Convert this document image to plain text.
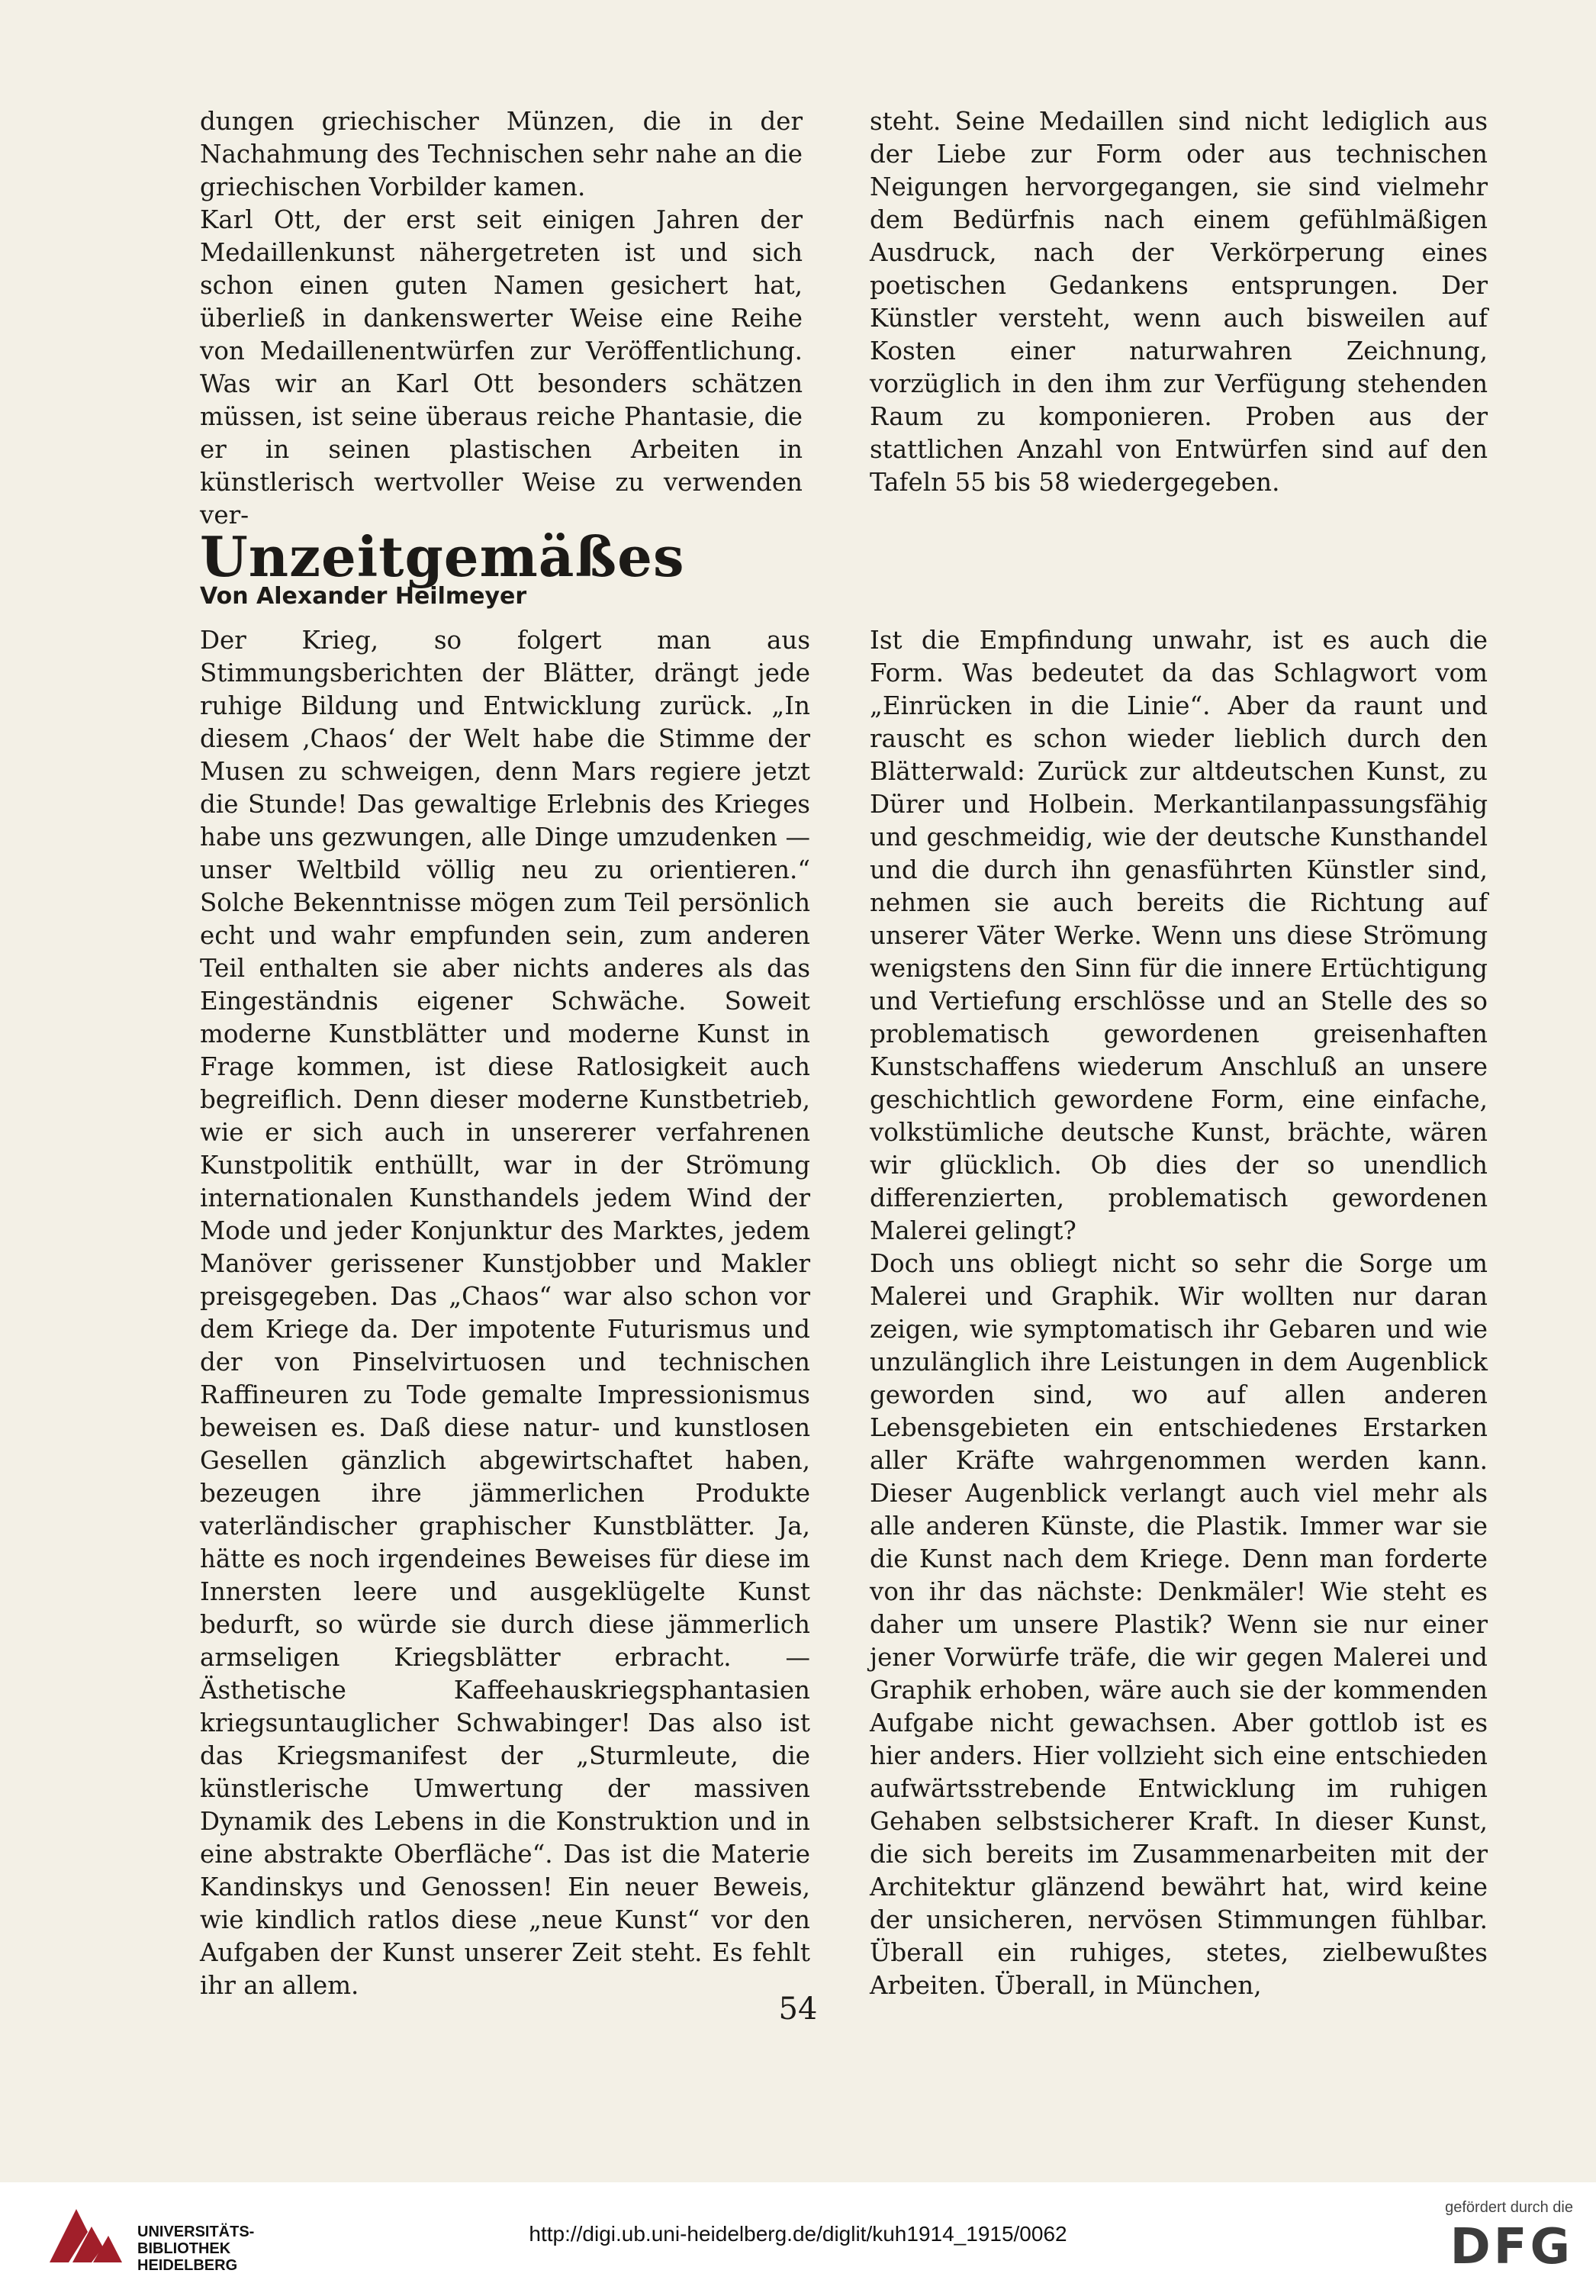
dungen griechischer Münzen, die in der Nachahmung des Technischen sehr nahe an die griechischen Vorbilder kamen.

Karl Ott, der erst seit einigen Jahren der Medaillenkunst nähergetreten ist und sich schon einen guten Namen gesichert hat, überließ in dankenswerter Weise eine Reihe von Medaillenentwürfen zur Veröffentlichung. Was wir an Karl Ott besonders schätzen müssen, ist seine überaus reiche Phantasie, die er in seinen plastischen Arbeiten in künstlerisch wertvoller Weise zu verwenden ver-

steht. Seine Medaillen sind nicht lediglich aus der Liebe zur Form oder aus technischen Neigungen hervorgegangen, sie sind vielmehr dem Bedürfnis nach einem gefühlmäßigen Ausdruck, nach der Verkörperung eines poetischen Gedankens entsprungen. Der Künstler versteht, wenn auch bisweilen auf Kosten einer naturwahren Zeichnung, vorzüglich in den ihm zur Verfügung stehenden Raum zu komponieren. Proben aus der stattlichen Anzahl von Entwürfen sind auf den Tafeln 55 bis 58 wiedergegeben.

Unzeitgemäßes
Von Alexander Heilmeyer

Der Krieg, so folgert man aus Stimmungsberichten der Blätter, drängt jede ruhige Bildung und Entwicklung zurück. „In diesem ‚Chaos‘ der Welt habe die Stimme der Musen zu schweigen, denn Mars regiere jetzt die Stunde! Das gewaltige Erlebnis des Krieges habe uns gezwungen, alle Dinge umzudenken — unser Weltbild völlig neu zu orientieren.“ Solche Bekenntnisse mögen zum Teil persönlich echt und wahr empfunden sein, zum anderen Teil enthalten sie aber nichts anderes als das Eingeständnis eigener Schwäche. Soweit moderne Kunstblätter und moderne Kunst in Frage kommen, ist diese Ratlosigkeit auch begreiflich. Denn dieser moderne Kunstbetrieb, wie er sich auch in unsererer verfahrenen Kunstpolitik enthüllt, war in der Strömung internationalen Kunsthandels jedem Wind der Mode und jeder Konjunktur des Marktes, jedem Manöver gerissener Kunstjobber und Makler preisgegeben. Das „Chaos“ war also schon vor dem Kriege da. Der impotente Futurismus und der von Pinselvirtuosen und technischen Raffineuren zu Tode gemalte Impressionismus beweisen es. Daß diese natur- und kunstlosen Gesellen gänzlich abgewirtschaftet haben, bezeugen ihre jämmerlichen Produkte vaterländischer graphischer Kunstblätter. Ja, hätte es noch irgendeines Beweises für diese im Innersten leere und ausgeklügelte Kunst bedurft, so würde sie durch diese jämmerlich armseligen Kriegsblätter erbracht. — Ästhetische Kaffeehauskriegsphantasien kriegsuntauglicher Schwabinger! Das also ist das Kriegsmanifest der „Sturmleute, die künstlerische Umwertung der massiven Dynamik des Lebens in die Konstruktion und in eine abstrakte Oberfläche“. Das ist die Materie Kandinskys und Genossen! Ein neuer Beweis, wie kindlich ratlos diese „neue Kunst“ vor den Aufgaben der Kunst unserer Zeit steht. Es fehlt ihr an allem.

Ist die Empfindung unwahr, ist es auch die Form. Was bedeutet da das Schlagwort vom „Einrücken in die Linie“. Aber da raunt und rauscht es schon wieder lieblich durch den Blätterwald: Zurück zur altdeutschen Kunst, zu Dürer und Holbein. Merkantilanpassungsfähig und geschmeidig, wie der deutsche Kunsthandel und die durch ihn genasführten Künstler sind, nehmen sie auch bereits die Richtung auf unserer Väter Werke. Wenn uns diese Strömung wenigstens den Sinn für die innere Ertüchtigung und Vertiefung erschlösse und an Stelle des so problematisch gewordenen greisenhaften Kunstschaffens wiederum Anschluß an unsere geschichtlich gewordene Form, eine einfache, volkstümliche deutsche Kunst, brächte, wären wir glücklich. Ob dies der so unendlich differenzierten, problematisch gewordenen Malerei gelingt?

Doch uns obliegt nicht so sehr die Sorge um Malerei und Graphik. Wir wollten nur daran zeigen, wie symptomatisch ihr Gebaren und wie unzulänglich ihre Leistungen in dem Augenblick geworden sind, wo auf allen anderen Lebensgebieten ein entschiedenes Erstarken aller Kräfte wahrgenommen werden kann. Dieser Augenblick verlangt auch viel mehr als alle anderen Künste, die Plastik. Immer war sie die Kunst nach dem Kriege. Denn man forderte von ihr das nächste: Denkmäler! Wie steht es daher um unsere Plastik? Wenn sie nur einer jener Vorwürfe träfe, die wir gegen Malerei und Graphik erhoben, wäre auch sie der kommenden Aufgabe nicht gewachsen. Aber gottlob ist es hier anders. Hier vollzieht sich eine entschieden aufwärtsstrebende Entwicklung im ruhigen Gehaben selbstsicherer Kraft. In dieser Kunst, die sich bereits im Zusammenarbeiten mit der Architektur glänzend bewährt hat, wird keine der unsicheren, nervösen Stimmungen fühlbar. Überall ein ruhiges, stetes, zielbewußtes Arbeiten. Überall, in München,

54
UNIVERSITÄTS-
BIBLIOTHEK
HEIDELBERG
http://digi.ub.uni-heidelberg.de/diglit/kuh1914_1915/0062
gefördert durch die
DFG
